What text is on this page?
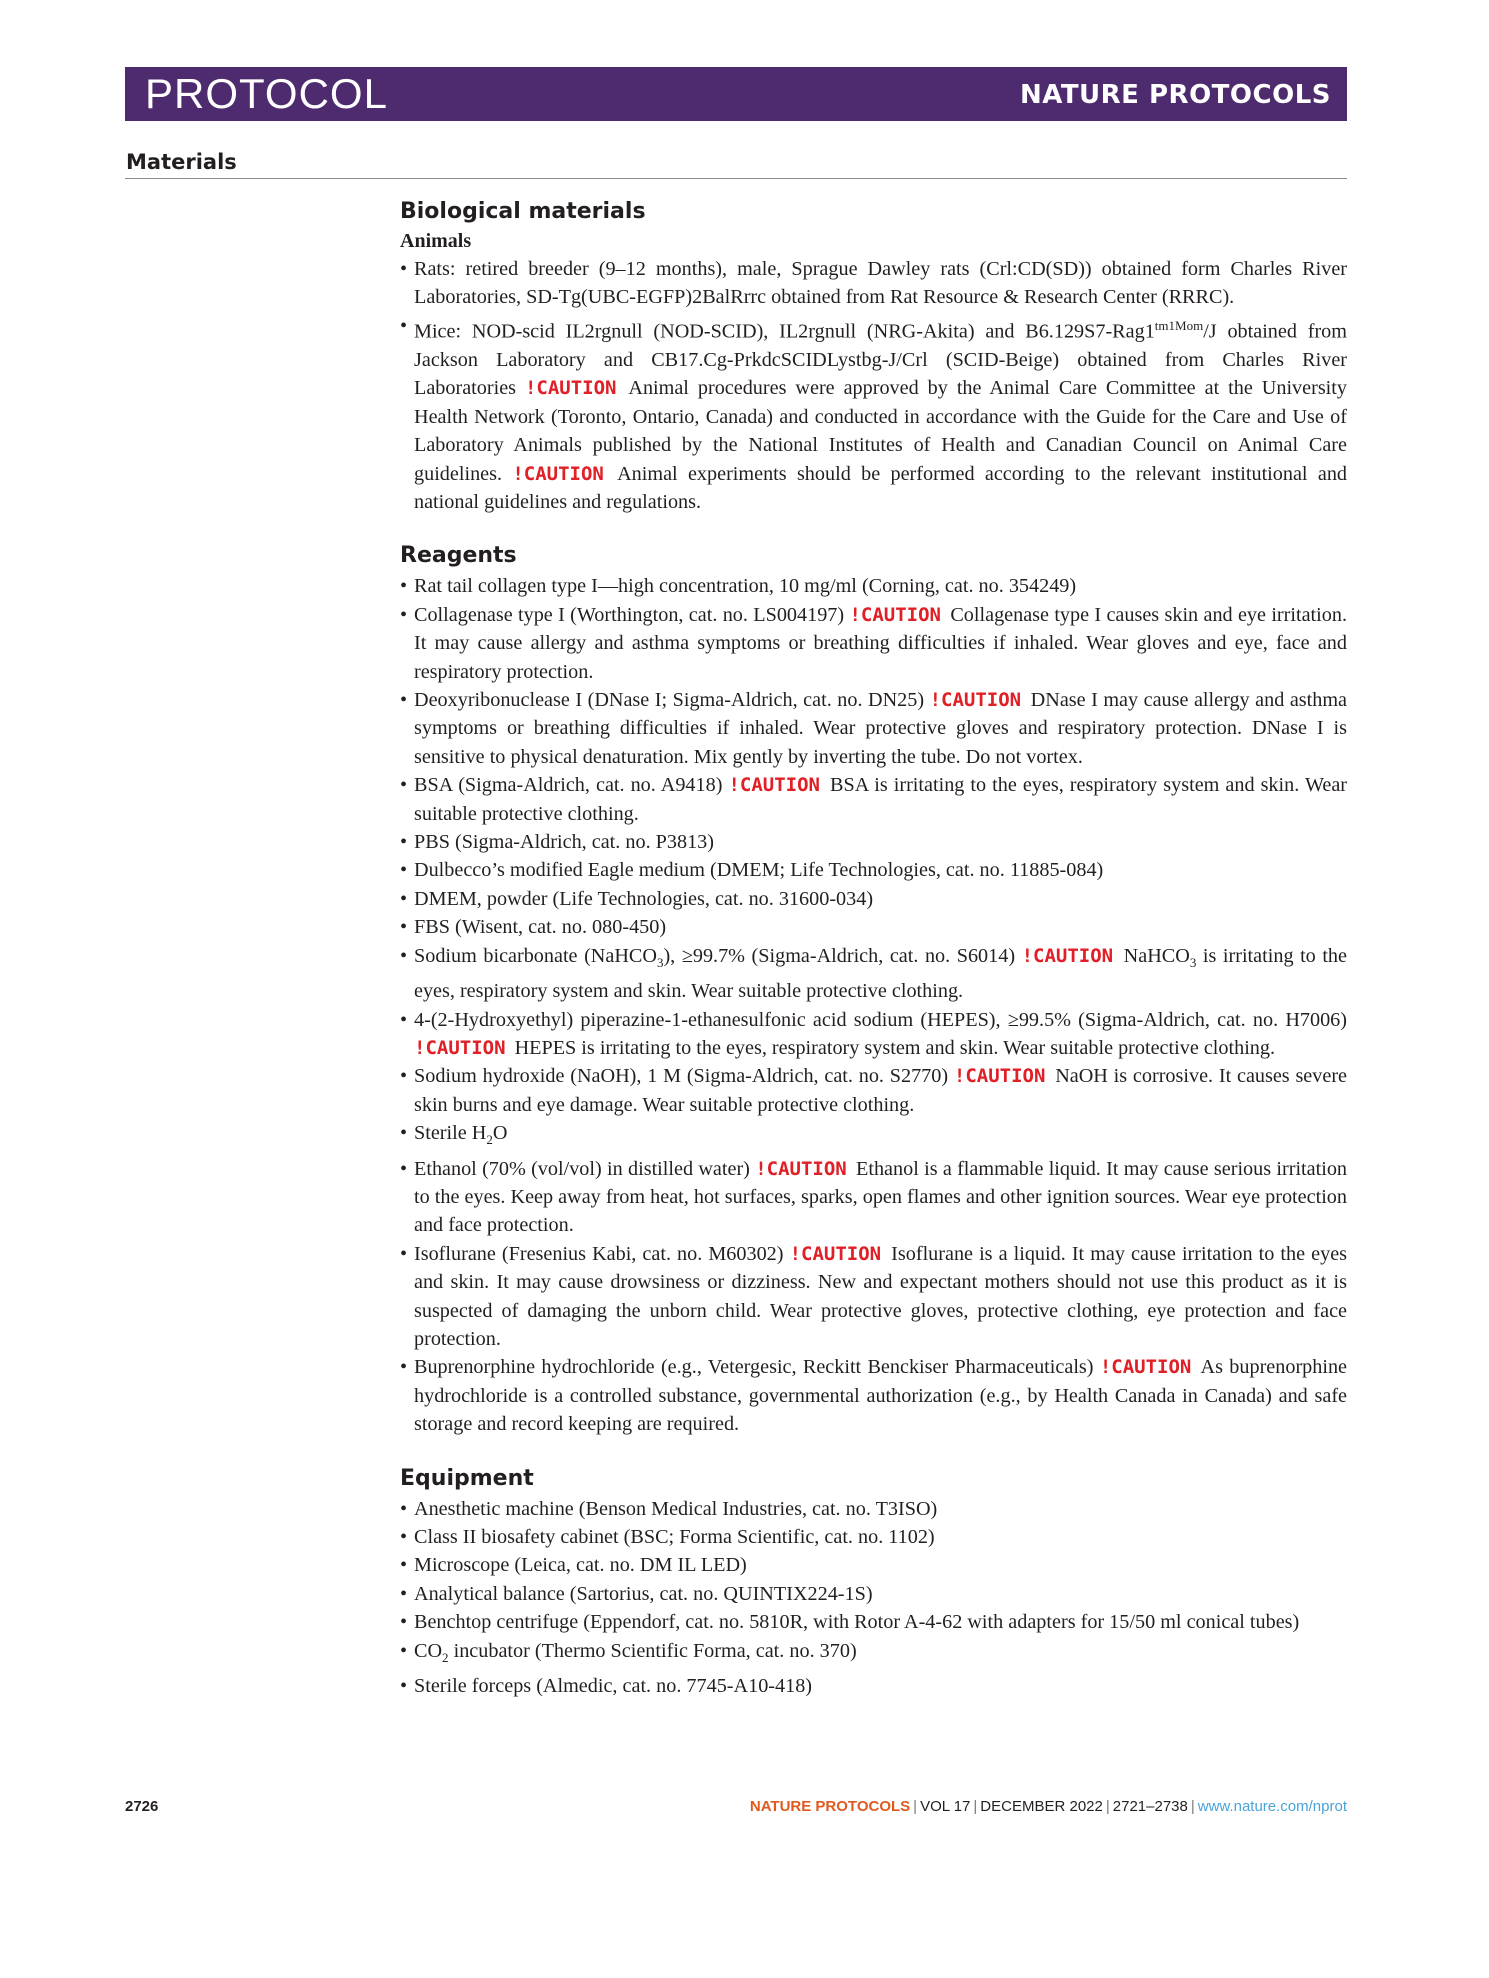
PROTOCOL	NATURE PROTOCOLS
Materials

Biological materials

Animals

• Rats: retired breeder (9–12 months), male, Sprague Dawley rats (Crl:CD(SD)) obtained form Charles River Laboratories, SD-Tg(UBC-EGFP)2BalRrrc obtained from Rat Resource & Research Center (RRRC).
• Mice: NOD-scid IL2rgnull (NOD-SCID), IL2rgnull (NRG-Akita) and $B6.129S7-Rag1^{tm1Mom}/J$ obtained from Jackson Laboratory and CB17.Cg-PrkdcSCIDLystbg-J/Crl (SCID-Beige) obtained from Charles River Laboratories !CAUTION Animal procedures were approved by the Animal Care Committee at the University Health Network (Toronto, Ontario, Canada) and conducted in accordance with the Guide for the Care and Use of Laboratory Animals published by the National Institutes of Health and Canadian Council on Animal Care guidelines. !CAUTION Animal experiments should be performed according to the relevant institutional and national guidelines and regulations.

Reagents

• Rat tail collagen type I—high concentration, 10 mg/ml (Corning, cat. no. 354249)
• Collagenase type I (Worthington, cat. no. LS004197) !CAUTION Collagenase type I causes skin and eye irritation. It may cause allergy and asthma symptoms or breathing difficulties if inhaled. Wear gloves and eye, face and respiratory protection.
• Deoxyribonuclease I (DNase I; Sigma-Aldrich, cat. no. DN25) !CAUTION DNase I may cause allergy and asthma symptoms or breathing difficulties if inhaled. Wear protective gloves and respiratory protection. DNase I is sensitive to physical denaturation. Mix gently by inverting the tube. Do not vortex.
• BSA (Sigma-Aldrich, cat. no. A9418) !CAUTION BSA is irritating to the eyes, respiratory system and skin. Wear suitable protective clothing.
• PBS (Sigma-Aldrich, cat. no. P3813)
• Dulbecco’s modified Eagle medium (DMEM; Life Technologies, cat. no. 11885-084)
• DMEM, powder (Life Technologies, cat. no. 31600-034)
• FBS (Wisent, cat. no. 080-450)
• Sodium bicarbonate (NaHCO$_3$), ≥99.7% (Sigma-Aldrich, cat. no. S6014) !CAUTION NaHCO$_3$ is irritating to the eyes, respiratory system and skin. Wear suitable protective clothing.
• 4-(2-Hydroxyethyl) piperazine-1-ethanesulfonic acid sodium (HEPES), ≥99.5% (Sigma-Aldrich, cat. no. H7006) !CAUTION HEPES is irritating to the eyes, respiratory system and skin. Wear suitable protective clothing.
• Sodium hydroxide (NaOH), 1 M (Sigma-Aldrich, cat. no. S2770) !CAUTION NaOH is corrosive. It causes severe skin burns and eye damage. Wear suitable protective clothing.
• Sterile $H_2O$
• Ethanol (70% (vol/vol) in distilled water) !CAUTION Ethanol is a flammable liquid. It may cause serious irritation to the eyes. Keep away from heat, hot surfaces, sparks, open flames and other ignition sources. Wear eye protection and face protection.
• Isoflurane (Fresenius Kabi, cat. no. M60302) !CAUTION Isoflurane is a liquid. It may cause irritation to the eyes and skin. It may cause drowsiness or dizziness. New and expectant mothers should not use this product as it is suspected of damaging the unborn child. Wear protective gloves, protective clothing, eye protection and face protection.
• Buprenorphine hydrochloride (e.g., Vetergesic, Reckitt Benckiser Pharmaceuticals) !CAUTION As buprenorphine hydrochloride is a controlled substance, governmental authorization (e.g., by Health Canada in Canada) and safe storage and record keeping are required.

Equipment

• Anesthetic machine (Benson Medical Industries, cat. no. T3ISO)
• Class II biosafety cabinet (BSC; Forma Scientific, cat. no. 1102)
• Microscope (Leica, cat. no. DM IL LED)
• Analytical balance (Sartorius, cat. no. QUINTIX224-1S)
• Benchtop centrifuge (Eppendorf, cat. no. 5810R, with Rotor A-4-62 with adapters for 15/50 ml conical tubes)
• $CO_2$ incubator (Thermo Scientific Forma, cat. no. 370)
• Sterile forceps (Almedic, cat. no. 7745-A10-418)
2726	NATURE PROTOCOLS | VOL 17 | DECEMBER 2022 | 2721–2738 | www.nature.com/nprot
